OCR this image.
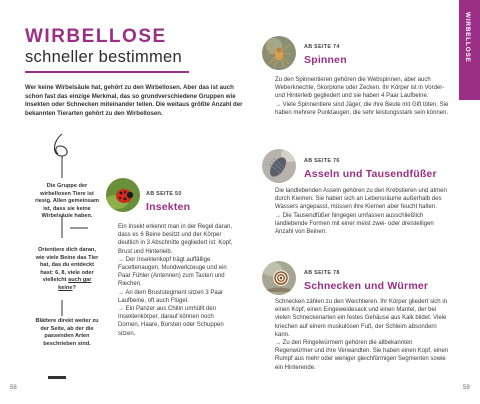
WIRBELLOSE
schneller bestimmen

Wer keine Wirbelsäule hat, gehört zu den Wirbellosen. Aber das ist auch schon fast das einzige Merkmal, das so grundverschiedene Gruppen wie Insekten oder Schnecken miteinander teilen. Die weitaus größte Anzahl der bekannten Tierarten gehört zu den Wirbellosen.

Die Gruppe der wirbellosen Tiere ist riesig. Allen gemeinsam ist, dass sie keine Wirbelsäule haben.

Orientiere dich daran, wie viele Beine das Tier hat, das du entdeckt hast: 6, 8, viele oder vielleicht auch gar keine?

Blättere direkt weiter zu der Seite, ab der die passenden Arten beschrieben sind.

AB SEITE 50
Insekten

Ein Insekt erkennt man in der Regel daran, dass es 6 Beine besitzt und der Körper deutlich in 3 Abschnitte gegliedert ist: Kopf, Brust und Hinterleib.

→ Der Insektenkopf trägt auffällige Facettenaugen, Mundwerkzeuge und ein Paar Fühler (Antennen) zum Tasten und Riechen.

→ An dem Bruststegment sitzen 3 Paar Laufbeine, oft auch Flügel.

→ Ein Panzer aus Chitin umhüllt den Insektenkörper, darauf können noch Dornen, Haare, Borsten oder Schuppen sitzen.

58
WIRBELLOSE
AB SEITE 74
Spinnen

Zu den Spinnentieren gehören die Webspinnen, aber auch Weberknechte, Skorpione oder Zecken. Ihr Körper ist in Vorder- und Hinterleib gegliedert und sie haben 4 Paar Laufbeine.

→ Viele Spinnentiere sind Jäger, die ihre Beute mit Gift töten. Sie haben mehrere Punktaugen, die sehr leistungsstark sein können.

AB SEITE 76
Asseln und Tausendfüßer

Die landlebenden Asseln gehören zu den Krebstieren und atmen durch Kiemen. Sie haben sich an Lebensräume außerhalb des Wassers angepasst, müssen ihre Kiemen aber feucht halten.

→ Die Tausendfüßer hingegen umfassen ausschließlich landlebende Formen mit einer meist zwei- oder dreistelligen Anzahl von Beinen.

AB SEITE 78
Schnecken und Würmer

Schnecken zählen zu den Weichtieren. Ihr Körper gliedert sich in einen Kopf, einen Eingeweidesack und einen Mantel, der bei vielen Schneckenarten ein festes Gehäuse aus Kalk bildet. Viele kriechen auf einem muskulösen Fuß, der Schleim absondern kann.

→ Zu den Ringelwürmern gehören die allbekannten Regenwürmer und ihre Verwandten. Sie haben einen Kopf, einen Rumpf aus mehr oder weniger gleichförmigen Segmenten sowie ein Hinterende.

59
